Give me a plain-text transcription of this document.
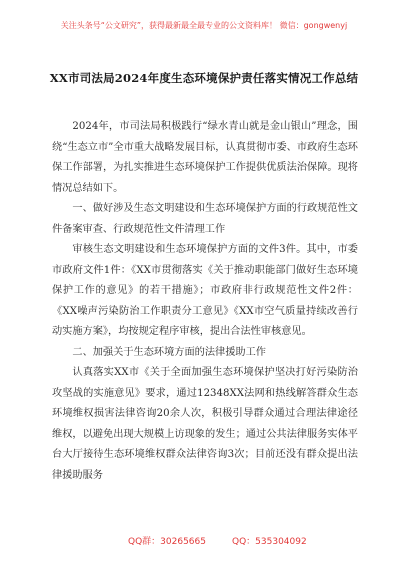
关注头条号“公文研究”，获得最新最全最专业的公文资料库！ 微信：gongwenyj
XX市司法局2024年度生态环境保护责任落实情况工作总结

2024年，市司法局积极践行“绿水青山就是金山银山”理念，围绕“生态立市”全市重大战略发展目标，认真贯彻市委、市政府生态环保工作部署，为扎实推进生态环境保护工作提供优质法治保障。现将情况总结如下。

一、做好涉及生态文明建设和生态环境保护方面的行政规范性文件备案审查、行政规范性文件清理工作

审核生态文明建设和生态环境保护方面的文件3件。其中，市委市政府文件1件：《XX市贯彻落实《关于推动职能部门做好生态环境保护工作的意见》的若干措施》；市政府非行政规范性文件2件：《XX噪声污染防治工作职责分工意见》《XX市空气质量持续改善行动实施方案》，均按规定程序审核，提出合法性审核意见。

二、加强关于生态环境方面的法律援助工作

认真落实XX市《关于全面加强生态环境保护坚决打好污染防治攻坚战的实施意见》要求，通过12348XX法网和热线解答群众生态环境维权损害法律咨询20余人次，积极引导群众通过合理法律途径维权，以避免出现大规模上访现象的发生；通过公共法律服务实体平台大厅接待生态环境维权群众法律咨询3次；目前还没有群众提出法律援助服务

QQ群：30265665	QQ：535304092
